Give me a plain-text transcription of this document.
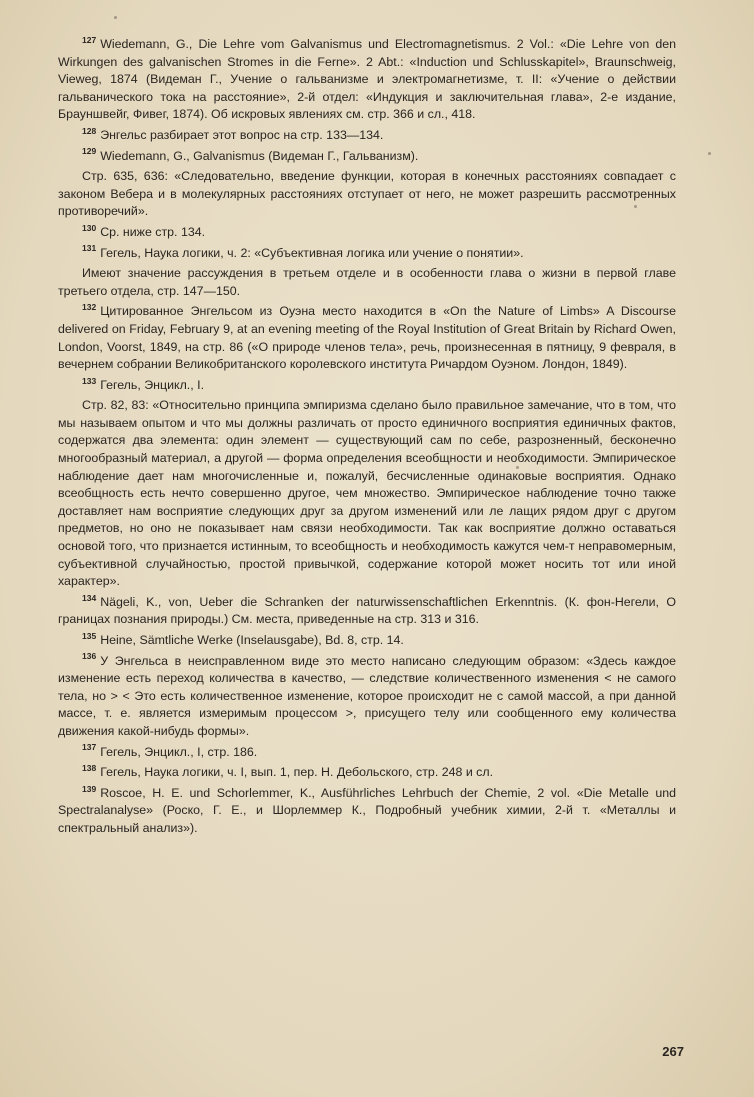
$^{127}$ Wiedemann, G., Die Lehre vom Galvanismus und Electromagnetismus. 2 Vol.: «Die Lehre von den Wirkungen des galvanischen Stromes in die Ferne». 2 Abt.: «Induction und Schlusskapitel», Braunschweig, Vieweg, 1874 (Видеман Г., Учение о гальванизме и электромагнетизме, т. II: «Учение о действии гальванического тока на расстояние», 2-й отдел: «Индукция и заключительная глава», 2-е издание, Брауншвейг, Фивег, 1874). Об искровых явлениях см. стр. 366 и сл., 418.

$^{128}$ Энгельс разбирает этот вопрос на стр. 133—134.

$^{129}$ Wiedemann, G., Galvanismus (Видеман Г., Гальванизм).

Стр. 635, 636: «Следовательно, введение функции, которая в конечных расстояниях совпадает с законом Вебера и в молекулярных расстояниях отступает от него, не может разрешить рассмотренных противоречий».

$^{130}$ Ср. ниже стр. 134.

$^{131}$ Гегель, Наука логики, ч. 2: «Субъективная логика или учение о понятии».

Имеют значение рассуждения в третьем отделе и в особенности глава о жизни в первой главе третьего отдела, стр. 147—150.

$^{132}$ Цитированное Энгельсом из Оуэна место находится в «On the Nature of Limbs» A Discourse delivered on Friday, February 9, at an evening meeting of the Royal Institution of Great Britain by Richard Owen, London, Voorst, 1849, на стр. 86 («О природе членов тела», речь, произнесенная в пятницу, 9 февраля, в вечернем собрании Великобританского королевского института Ричардом Оуэном. Лондон, 1849).

$^{133}$ Гегель, Энцикл., I.

Стр. 82, 83: «Относительно принципа эмпиризма сделано было правильное замечание, что в том, что мы называем опытом и что мы должны различать от просто единичного восприятия единичных фактов, содержатся два элемента: один элемент — существующий сам по себе, разрозненный, бесконечно многообразный материал, а другой — форма определения всеобщности и необходимости. Эмпирическое наблюдение дает нам многочисленные и, пожалуй, бесчисленные одинаковые восприятия. Однако всеобщность есть нечто совершенно другое, чем множество. Эмпирическое наблюдение точно также доставляет нам восприятие следующих друг за другом изменений или ле лащих рядом друг с другом предметов, но оно не показывает нам связи необходимости. Так как восприятие должно оставаться основой того, что признается истинным, то всеобщность и необходимость кажутся чем-т неправомерным, субъективной случайностью, простой привычкой, содержание которой может носить тот или иной характер».

$^{134}$ Nägeli, K., von, Ueber die Schranken der naturwissenschaftlichen Erkenntnis. (К. фон-Негели, О границах познания природы.) См. места, приведенные на стр. 313 и 316.

$^{135}$ Heine, Sämtliche Werke (Inselausgabe), Bd. 8, стр. 14.

$^{136}$ У Энгельса в неисправленном виде это место написано следующим образом: «Здесь каждое изменение есть переход количества в качество, — следствие количественного изменения < не самого тела, но > < Это есть количественное изменение, которое происходит не с самой массой, а при данной массе, т. е. является измеримым процессом >, присущего телу или сообщенного ему количества движения какой-нибудь формы».

$^{137}$ Гегель, Энцикл., I, стр. 186.

$^{138}$ Гегель, Наука логики, ч. I, вып. 1, пер. Н. Дебольского, стр. 248 и сл.

$^{139}$ Roscoe, H. E. und Schorlemmer, K., Ausführliches Lehrbuch der Chemie, 2 vol. «Die Metalle und Spectralanalyse» (Роско, Г. Е., и Шорлеммер К., Подробный учебник химии, 2-й т. «Металлы и спектральный анализ»).

267
